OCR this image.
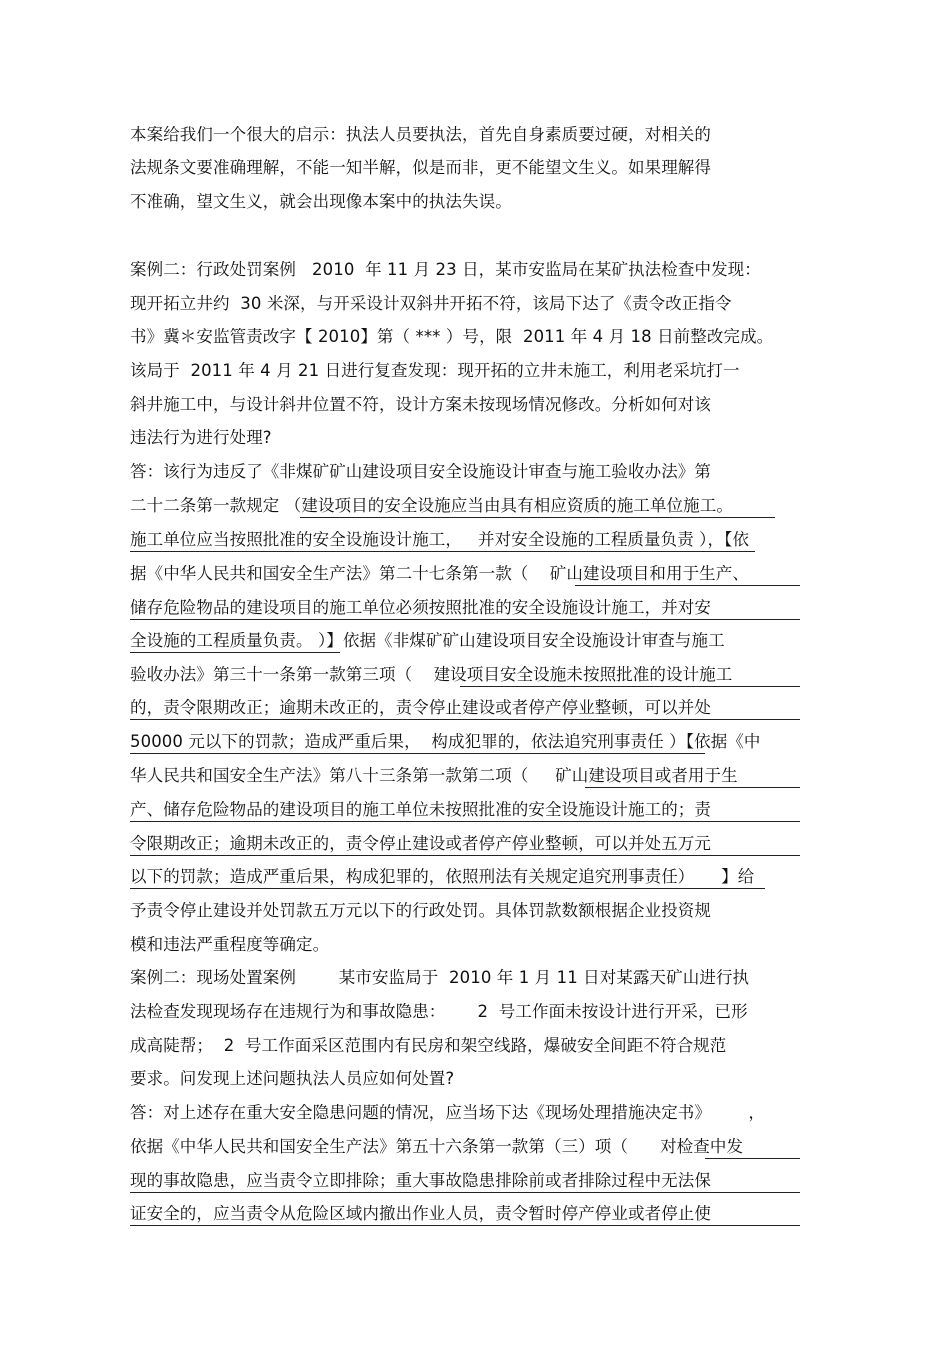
本案给我们一个很大的启示：执法人员要执法，首先自身素质要过硬，对相关的
法规条文要准确理解，不能一知半解，似是而非，更不能望文生义。如果理解得
不准确，望文生义，就会出现像本案中的执法失误。
案例二：行政处罚案例   2010  年 11 月 23 日，某市安监局在某矿执法检查中发现：
现开拓立井约  30 米深，与开采设计双斜井开拓不符，该局下达了《责令改正指令
书》冀＊安监管责改字【 2010】第（ *** ）号，限  2011 年 4 月 18 日前整改完成。
该局于  2011 年 4 月 21 日进行复查发现：现开拓的立井未施工，利用老采坑打一
斜井施工中，与设计斜井位置不符，设计方案未按现场情况修改。分析如何对该
违法行为进行处理?
答：该行为违反了《非煤矿矿山建设项目安全设施设计审查与施工验收办法》第
二十二条第一款规定 （建设项目的安全设施应当由具有相应资质的施工单位施工。
施工单位应当按照批准的安全设施设计施工，   并对安全设施的工程质量负责 ），【依
据《中华人民共和国安全生产法》第二十七条第一款（    矿山建设项目和用于生产、
储存危险物品的建设项目的施工单位必须按照批准的安全设施设计施工，并对安
全设施的工程质量负责。 ）】依据《非煤矿矿山建设项目安全设施设计审查与施工
验收办法》第三十一条第一款第三项（    建设项目安全设施未按照批准的设计施工
的，责令限期改正；逾期未改正的，责令停止建设或者停产停业整顿，可以并处
50000 元以下的罚款；造成严重后果，  构成犯罪的，依法追究刑事责任 ）【依据《中
华人民共和国安全生产法》第八十三条第一款第二项（     矿山建设项目或者用于生
产、储存危险物品的建设项目的施工单位未按照批准的安全设施设计施工的；责
令限期改正；逾期未改正的，责令停止建设或者停产停业整顿，可以并处五万元
以下的罚款；造成严重后果，构成犯罪的，依照刑法有关规定追究刑事责任）     】给
予责令停止建设并处罚款五万元以下的行政处罚。具体罚款数额根据企业投资规
模和违法严重程度等确定。
案例二：现场处置案例        某市安监局于  2010 年 1 月 11 日对某露天矿山进行执
法检查发现现场存在违规行为和事故隐患：      2  号工作面未按设计进行开采，已形
成高陡帮；  2  号工作面采区范围内有民房和架空线路，爆破安全间距不符合规范
要求。问发现上述问题执法人员应如何处置?
答：对上述存在重大安全隐患问题的情况，应当场下达《现场处理措施决定书》       ，
依据《中华人民共和国安全生产法》第五十六条第一款第（三）项（      对检查中发
现的事故隐患，应当责令立即排除；重大事故隐患排除前或者排除过程中无法保
证安全的，应当责令从危险区域内撤出作业人员，责令暂时停产停业或者停止使
